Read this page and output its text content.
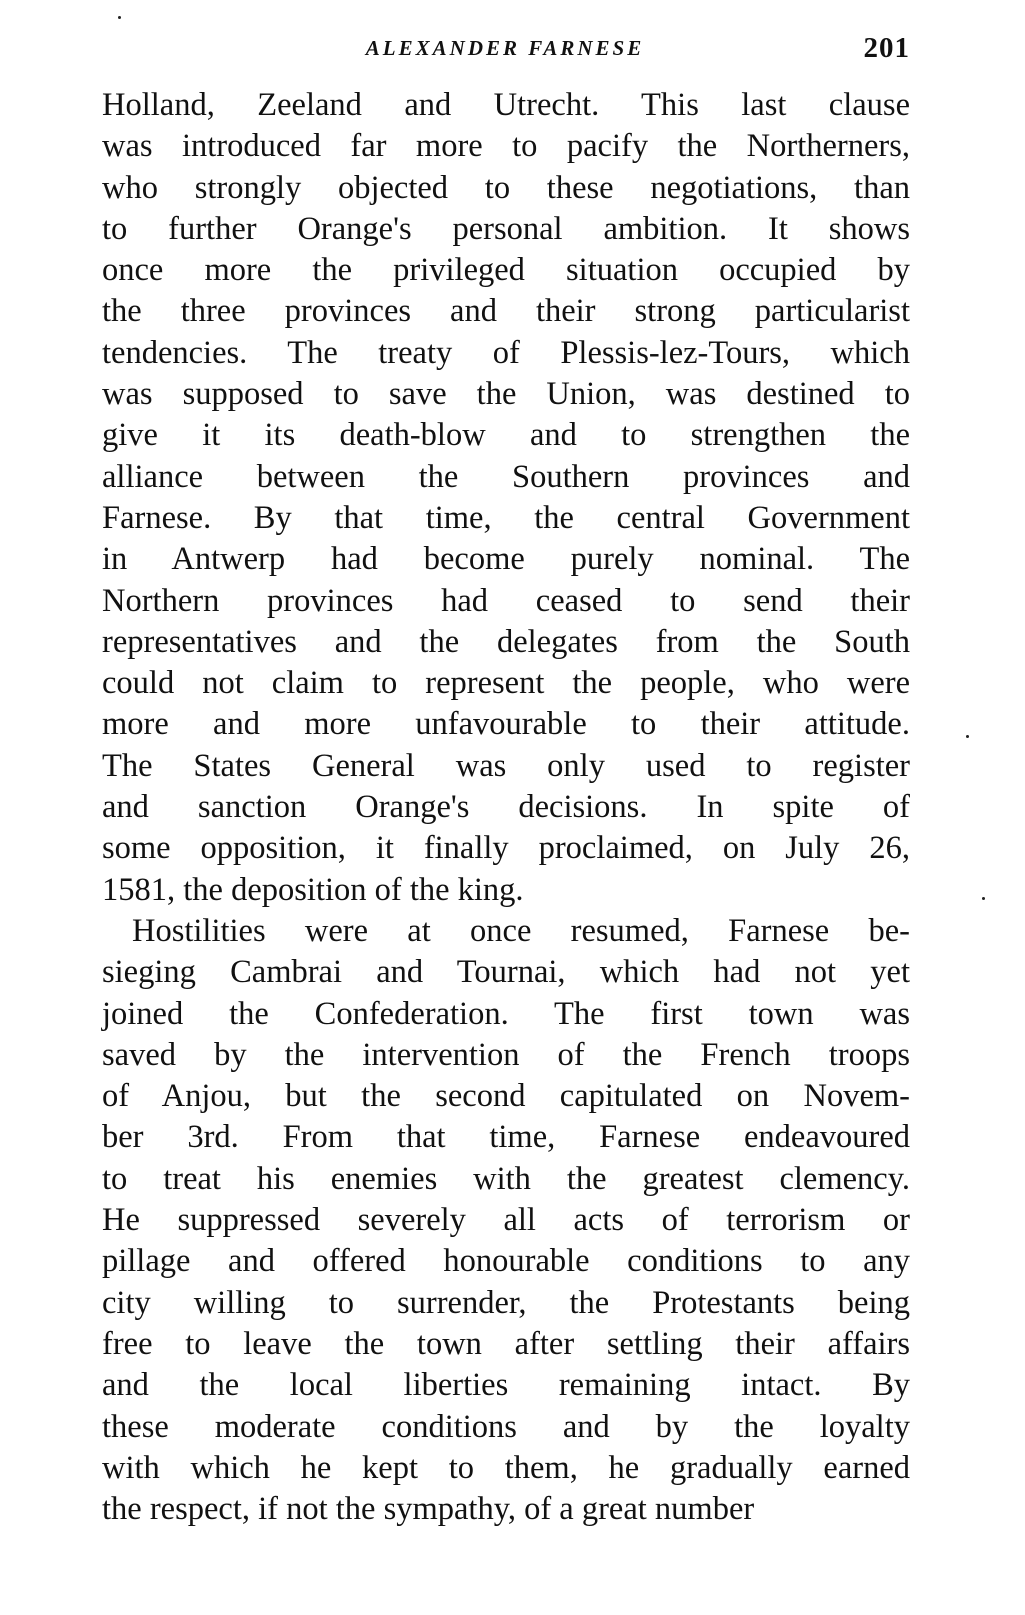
ALEXANDER FARNESE	201
Holland, Zeeland and Utrecht. This last clause
was introduced far more to pacify the Northerners,
who strongly objected to these negotiations, than
to further Orange's personal ambition. It shows
once more the privileged situation occupied by
the three provinces and their strong particularist
tendencies. The treaty of Plessis-lez-Tours, which
was supposed to save the Union, was destined to
give it its death-blow and to strengthen the
alliance between the Southern provinces and
Farnese. By that time, the central Government
in Antwerp had become purely nominal. The
Northern provinces had ceased to send their
representatives and the delegates from the South
could not claim to represent the people, who were
more and more unfavourable to their attitude.
The States General was only used to register
and sanction Orange's decisions. In spite of
some opposition, it finally proclaimed, on July 26,
1581, the deposition of the king.
Hostilities were at once resumed, Farnese be-
sieging Cambrai and Tournai, which had not yet
joined the Confederation. The first town was
saved by the intervention of the French troops
of Anjou, but the second capitulated on Novem-
ber 3rd. From that time, Farnese endeavoured
to treat his enemies with the greatest clemency.
He suppressed severely all acts of terrorism or
pillage and offered honourable conditions to any
city willing to surrender, the Protestants being
free to leave the town after settling their affairs
and the local liberties remaining intact. By
these moderate conditions and by the loyalty
with which he kept to them, he gradually earned
the respect, if not the sympathy, of a great number
